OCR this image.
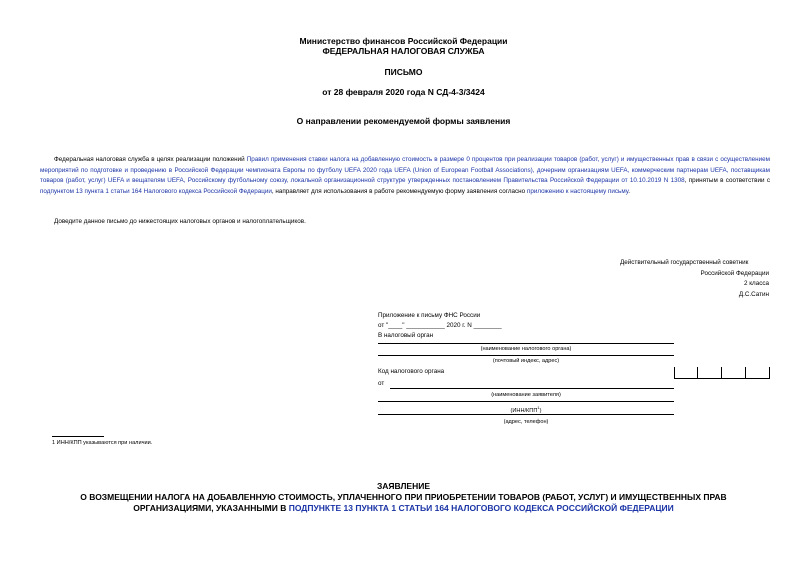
Министерство финансов Российской Федерации
ФЕДЕРАЛЬНАЯ НАЛОГОВАЯ СЛУЖБА
ПИСЬМО
от 28 февраля 2020 года N СД-4-3/3424
О направлении рекомендуемой формы заявления
Федеральная налоговая служба в целях реализации положений Правил применения ставки налога на добавленную стоимость в размере 0 процентов при реализации товаров (работ, услуг) и имущественных прав в связи с осуществлением мероприятий по подготовке и проведению в Российской Федерации чемпионата Европы по футболу UEFA 2020 года UEFA (Union of European Football Associations), дочерним организациям UEFA, коммерческим партнерам UEFA, поставщикам товаров (работ, услуг) UEFA и вещателям UEFA, Российскому футбольному союзу, локальной организационной структуре утвержденных постановлением Правительства Российской Федерации от 10.10.2019 N 1308, принятым в соответствии с подпунктом 13 пункта 1 статьи 164 Налогового кодекса Российской Федерации, направляет для использования в работе рекомендуемую форму заявления согласно приложению к настоящему письму.
Доведите данное письмо до нижестоящих налоговых органов и налогоплательщиков.
Действительный государственный советник
Российской Федерации
2 класса
Д.С.Сатин
Приложение к письму ФНС России
от "____" ___________ 2020 г. N ________
В налоговый орган
(наименование налогового органа)
(почтовый индекс, адрес)
Код налогового органа
от
(наименование заявителя)
(ИНН/КПП$^1$)
(адрес, телефон)
1 ИНН/КПП указываются при наличии.
ЗАЯВЛЕНИЕ
О ВОЗМЕЩЕНИИ НАЛОГА НА ДОБАВЛЕННУЮ СТОИМОСТЬ, УПЛАЧЕННОГО ПРИ ПРИОБРЕТЕНИИ ТОВАРОВ (РАБОТ, УСЛУГ) И ИМУЩЕСТВЕННЫХ ПРАВ
ОРГАНИЗАЦИЯМИ, УКАЗАННЫМИ В ПОДПУНКТЕ 13 ПУНКТА 1 СТАТЬИ 164 НАЛОГОВОГО КОДЕКСА РОССИЙСКОЙ ФЕДЕРАЦИИ
